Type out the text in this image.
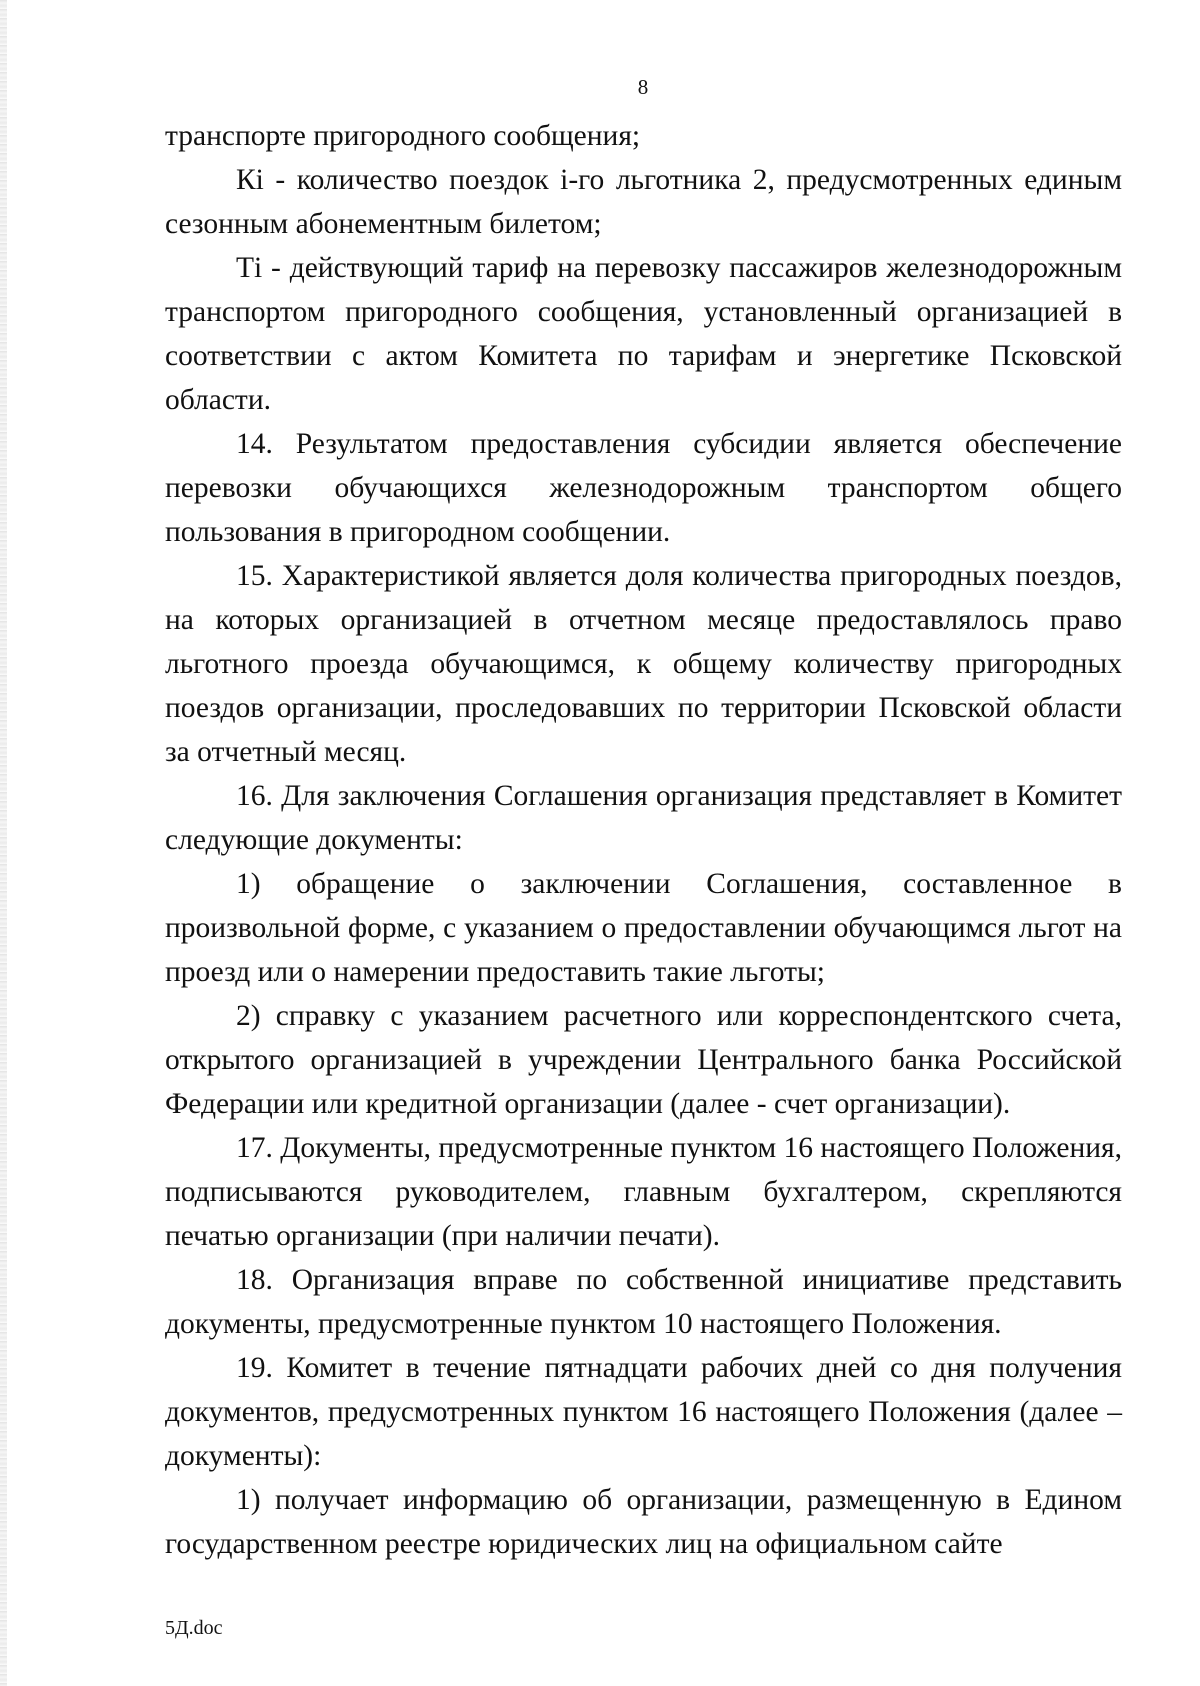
8

транспорте пригородного сообщения;

Кi - количество поездок i-го льготника 2, предусмотренных единым сезонным абонементным билетом;

Тi - действующий тариф на перевозку пассажиров железнодорожным транспортом пригородного сообщения, установленный организацией в соответствии с актом Комитета по тарифам и энергетике Псковской области.

14. Результатом предоставления субсидии является обеспечение перевозки обучающихся железнодорожным транспортом общего пользования в пригородном сообщении.

15. Характеристикой является доля количества пригородных поездов, на которых организацией в отчетном месяце предоставлялось право льготного проезда обучающимся, к общему количеству пригородных поездов организации, проследовавших по территории Псковской области за отчетный месяц.

16. Для заключения Соглашения организация представляет в Комитет следующие документы:

1) обращение о заключении Соглашения, составленное в произвольной форме, с указанием о предоставлении обучающимся льгот на проезд или о намерении предоставить такие льготы;

2) справку с указанием расчетного или корреспондентского счета, открытого организацией в учреждении Центрального банка Российской Федерации или кредитной организации (далее - счет организации).

17. Документы, предусмотренные пунктом 16 настоящего Положения, подписываются руководителем, главным бухгалтером, скрепляются печатью организации (при наличии печати).

18. Организация вправе по собственной инициативе представить документы, предусмотренные пунктом 10 настоящего Положения.

19. Комитет в течение пятнадцати рабочих дней со дня получения документов, предусмотренных пунктом 16 настоящего Положения (далее – документы):

1) получает информацию об организации, размещенную в Едином государственном реестре юридических лиц на официальном сайте

5Д.doc
